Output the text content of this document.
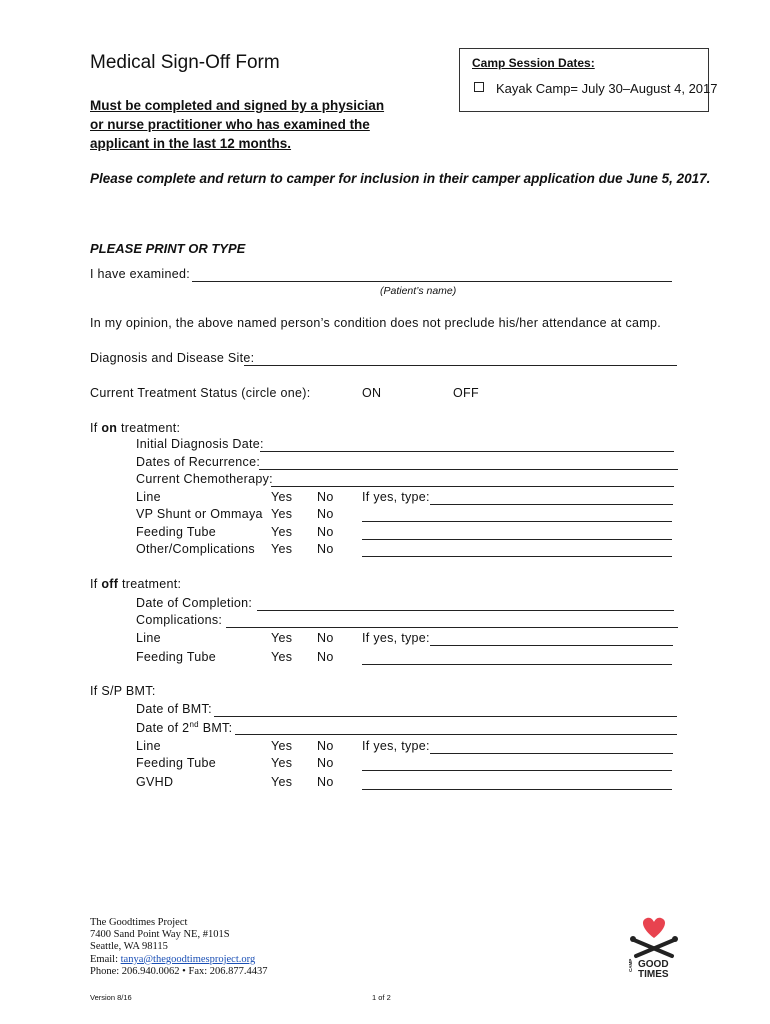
Medical Sign-Off Form
Must be completed and signed by a physician or nurse practitioner who has examined the applicant in the last 12 months.
Camp Session Dates:
Kayak Camp= July 30–August 4, 2017
Please complete and return to camper for inclusion in their camper application due June 5, 2017.
PLEASE PRINT OR TYPE
I have examined:
(Patient’s name)
In my opinion, the above named person’s condition does not preclude his/her attendance at camp.
Diagnosis and Disease Site:
Current Treatment Status (circle one):	ON	OFF
If on treatment:
Initial Diagnosis Date:
Dates of Recurrence:
Current Chemotherapy:
Line	Yes No If yes, type:
VP Shunt or Ommaya Yes No
Feeding Tube	Yes No
Other/Complications Yes No
If off treatment:
Date of Completion:
Complications:
Line	Yes No If yes, type:
Feeding Tube	Yes No
If S/P BMT:
Date of BMT:
Date of 2nd BMT:
Line	Yes No If yes, type:
Feeding Tube	Yes No
GVHD	Yes No
The Goodtimes Project
7400 Sand Point Way NE, #101S
Seattle, WA 98115
Email: tanya@thegoodtimesproject.org
Phone: 206.940.0062 • Fax: 206.877.4437
Version 8/16	1 of 2
CAMP GOOD
TIMES
